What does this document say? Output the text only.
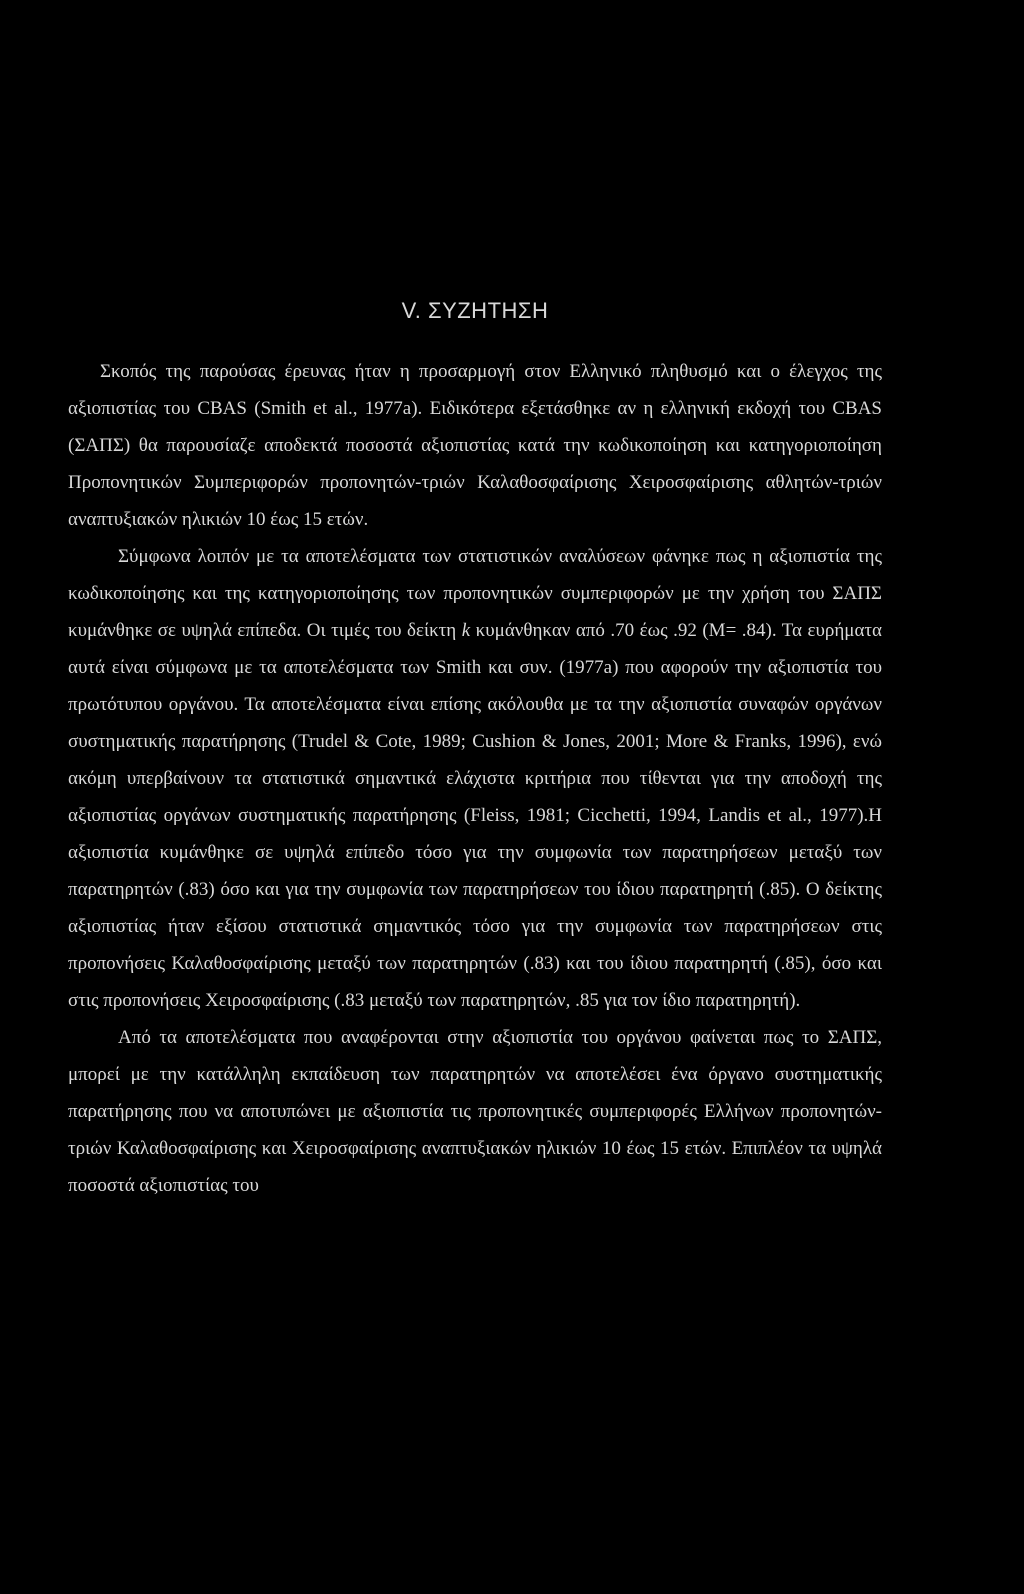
V. ΣΥΖΗΤΗΣΗ

Σκοπός της παρούσας έρευνας ήταν η προσαρμογή στον Ελληνικό πληθυσμό και ο έλεγχος της αξιοπιστίας του CBAS (Smith et al., 1977a). Ειδικότερα εξετάσθηκε αν η ελληνική εκδοχή του CBAS (ΣΑΠΣ) θα παρουσίαζε αποδεκτά ποσοστά αξιοπιστίας κατά την κωδικοποίηση και κατηγοριοποίηση Προπονητικών Συμπεριφορών προπονητών-τριών Καλαθοσφαίρισης Χειροσφαίρισης αθλητών-τριών αναπτυξιακών ηλικιών 10 έως 15 ετών.

Σύμφωνα λοιπόν με τα αποτελέσματα των στατιστικών αναλύσεων φάνηκε πως η αξιοπιστία της κωδικοποίησης και της κατηγοριοποίησης των προπονητικών συμπεριφορών με την χρήση του ΣΑΠΣ κυμάνθηκε σε υψηλά επίπεδα. Οι τιμές του δείκτη k κυμάνθηκαν από .70 έως .92 (M= .84). Τα ευρήματα αυτά είναι σύμφωνα με τα αποτελέσματα των Smith και συν. (1977a) που αφορούν την αξιοπιστία του πρωτότυπου οργάνου. Τα αποτελέσματα είναι επίσης ακόλουθα με τα την αξιοπιστία συναφών οργάνων συστηματικής παρατήρησης (Trudel & Cote, 1989; Cushion & Jones, 2001; More & Franks, 1996), ενώ ακόμη υπερβαίνουν τα στατιστικά σημαντικά ελάχιστα κριτήρια που τίθενται για την αποδοχή της αξιοπιστίας οργάνων συστηματικής παρατήρησης (Fleiss, 1981; Cicchetti, 1994, Landis et al., 1977).Η αξιοπιστία κυμάνθηκε σε υψηλά επίπεδο τόσο για την συμφωνία των παρατηρήσεων μεταξύ των παρατηρητών (.83) όσο και για την συμφωνία των παρατηρήσεων του ίδιου παρατηρητή (.85). Ο δείκτης αξιοπιστίας ήταν εξίσου στατιστικά σημαντικός τόσο για την συμφωνία των παρατηρήσεων στις προπονήσεις Καλαθοσφαίρισης μεταξύ των παρατηρητών (.83) και του ίδιου παρατηρητή (.85), όσο και στις προπονήσεις Χειροσφαίρισης (.83 μεταξύ των παρατηρητών, .85 για τον ίδιο παρατηρητή).

Από τα αποτελέσματα που αναφέρονται στην αξιοπιστία του οργάνου φαίνεται πως το ΣΑΠΣ, μπορεί με την κατάλληλη εκπαίδευση των παρατηρητών να αποτελέσει ένα όργανο συστηματικής παρατήρησης που να αποτυπώνει με αξιοπιστία τις προπονητικές συμπεριφορές Ελλήνων προπονητών-τριών Καλαθοσφαίρισης και Χειροσφαίρισης αναπτυξιακών ηλικιών 10 έως 15 ετών. Επιπλέον τα υψηλά ποσοστά αξιοπιστίας του
